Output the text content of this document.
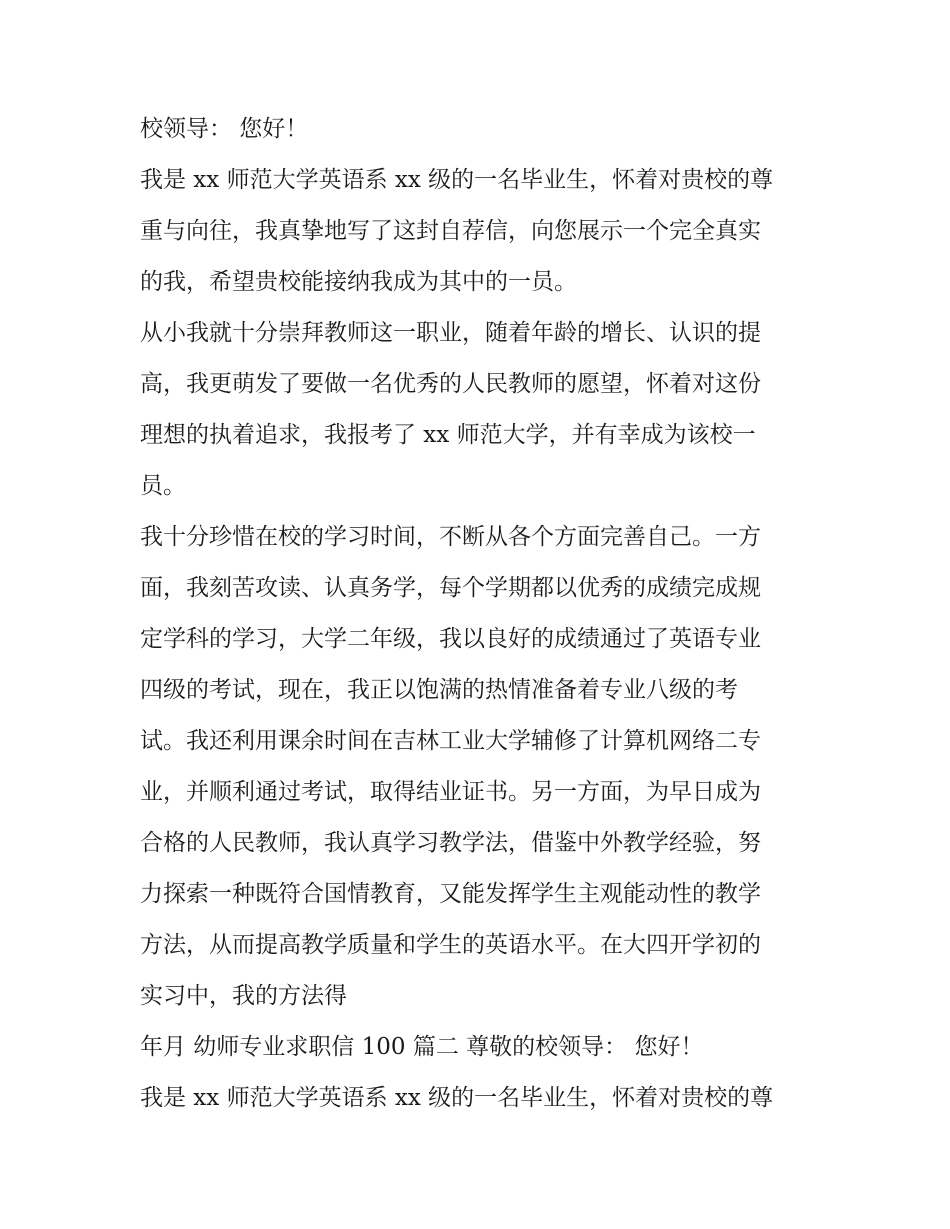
校领导： 您好！
我是 xx 师范大学英语系 xx 级的一名毕业生，怀着对贵校的尊
重与向往，我真挚地写了这封自荐信，向您展示一个完全真实
的我，希望贵校能接纳我成为其中的一员。
从小我就十分崇拜教师这一职业，随着年龄的增长、认识的提
高，我更萌发了要做一名优秀的人民教师的愿望，怀着对这份
理想的执着追求，我报考了 xx 师范大学，并有幸成为该校一
员。
我十分珍惜在校的学习时间，不断从各个方面完善自己。一方
面，我刻苦攻读、认真务学，每个学期都以优秀的成绩完成规
定学科的学习，大学二年级，我以良好的成绩通过了英语专业
四级的考试，现在，我正以饱满的热情准备着专业八级的考
试。我还利用课余时间在吉林工业大学辅修了计算机网络二专
业，并顺利通过考试，取得结业证书。另一方面，为早日成为
合格的人民教师，我认真学习教学法，借鉴中外教学经验，努
力探索一种既符合国情教育，又能发挥学生主观能动性的教学
方法，从而提高教学质量和学生的英语水平。在大四开学初的
实习中，我的方法得
年月 幼师专业求职信 100 篇二 尊敬的校领导： 您好！
我是 xx 师范大学英语系 xx 级的一名毕业生，怀着对贵校的尊
